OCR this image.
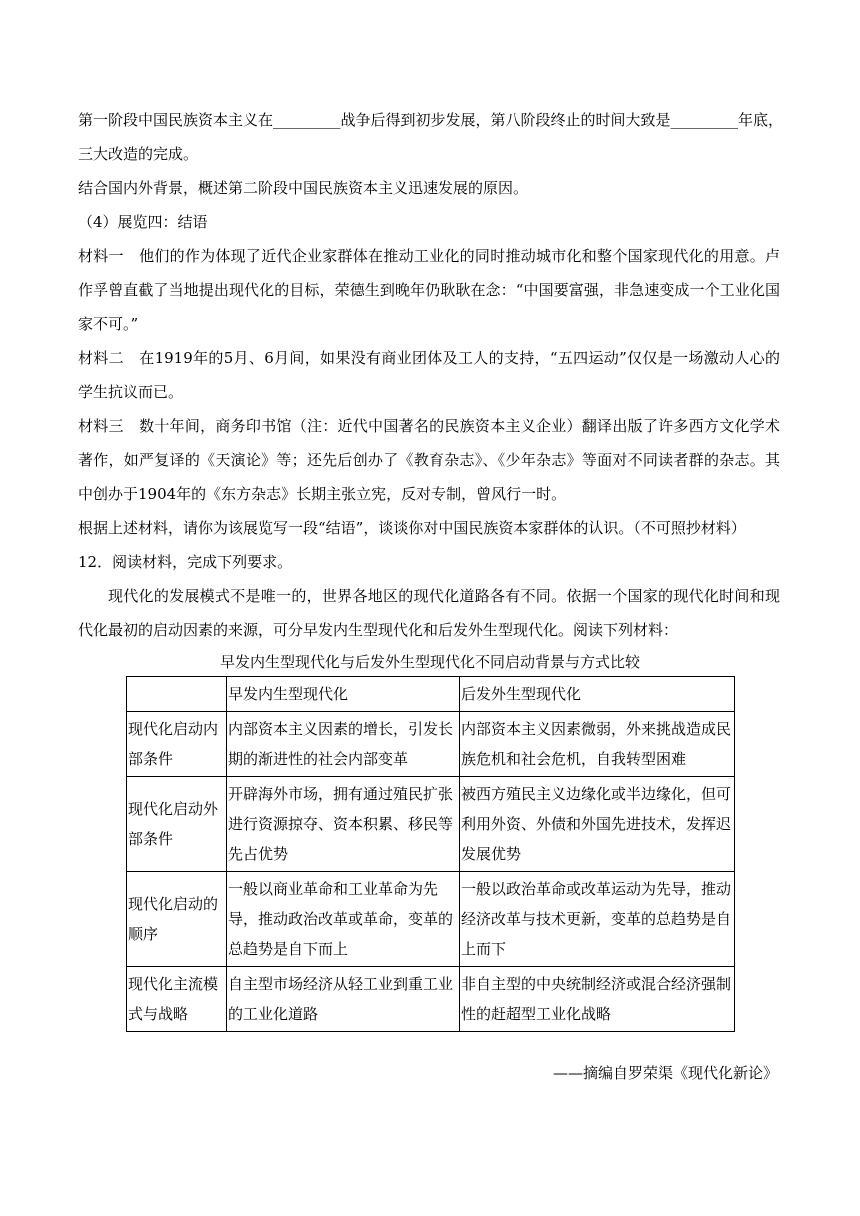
第一阶段中国民族资本主义在_________战争后得到初步发展，第八阶段终止的时间大致是_________年底，

三大改造的完成。

结合国内外背景，概述第二阶段中国民族资本主义迅速发展的原因。

（4）展览四：结语

材料一　他们的作为体现了近代企业家群体在推动工业化的同时推动城市化和整个国家现代化的用意。卢作孚曾直截了当地提出现代化的目标，荣德生到晚年仍耿耿在念：“中国要富强，非急速变成一个工业化国家不可。”

材料二　在1919年的5月、6月间，如果没有商业团体及工人的支持，“五四运动”仅仅是一场激动人心的学生抗议而已。

材料三　数十年间，商务印书馆（注：近代中国著名的民族资本主义企业）翻译出版了许多西方文化学术著作，如严复译的《天演论》等；还先后创办了《教育杂志》、《少年杂志》等面对不同读者群的杂志。其中创办于1904年的《东方杂志》长期主张立宪，反对专制，曾风行一时。

根据上述材料，请你为该展览写一段“结语”，谈谈你对中国民族资本家群体的认识。（不可照抄材料）

12．阅读材料，完成下列要求。

现代化的发展模式不是唯一的，世界各地区的现代化道路各有不同。依据一个国家的现代化时间和现代化最初的启动因素的来源，可分早发内生型现代化和后发外生型现代化。阅读下列材料：

早发内生型现代化与后发外生型现代化不同启动背景与方式比较

	早发内生型现代化	后发外生型现代化
现代化启动内部条件	内部资本主义因素的增长，引发长期的渐进性的社会内部变革	内部资本主义因素微弱，外来挑战造成民族危机和社会危机，自我转型困难
现代化启动外部条件	开辟海外市场，拥有通过殖民扩张进行资源掠夺、资本积累、移民等先占优势	被西方殖民主义边缘化或半边缘化，但可利用外资、外债和外国先进技术，发挥迟发展优势
现代化启动的顺序	一般以商业革命和工业革命为先导，推动政治改革或革命，变革的总趋势是自下而上	一般以政治革命或改革运动为先导，推动经济改革与技术更新，变革的总趋势是自上而下
现代化主流模式与战略	自主型市场经济从轻工业到重工业的工业化道路	非自主型的中央统制经济或混合经济强制性的赶超型工业化战略

——摘编自罗荣渠《现代化新论》
